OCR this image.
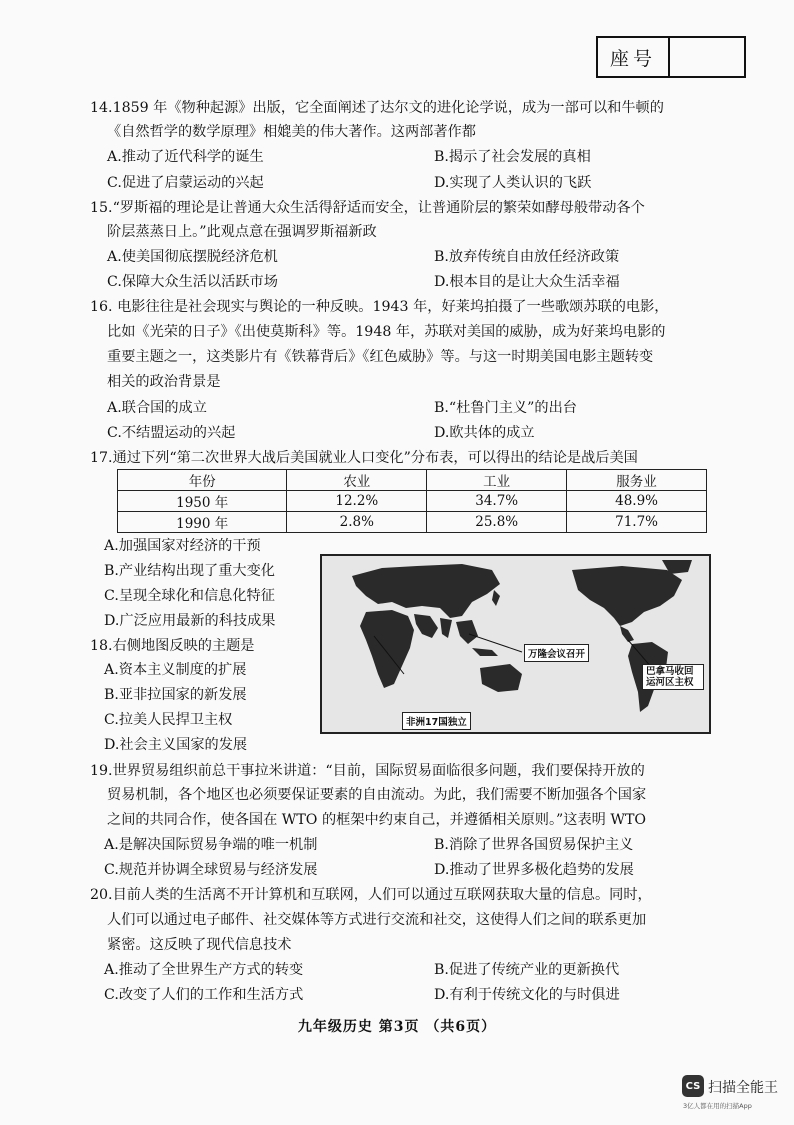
座号
14.1859 年《物种起源》出版，它全面阐述了达尔文的进化论学说，成为一部可以和牛顿的
《自然哲学的数学原理》相媲美的伟大著作。这两部著作都
A.推动了近代科学的诞生	B.揭示了社会发展的真相
C.促进了启蒙运动的兴起	D.实现了人类认识的飞跃
15.“罗斯福的理论是让普通大众生活得舒适而安全，让普通阶层的繁荣如酵母般带动各个
阶层蒸蒸日上。”此观点意在强调罗斯福新政
A.使美国彻底摆脱经济危机	B.放弃传统自由放任经济政策
C.保障大众生活以活跃市场	D.根本目的是让大众生活幸福
16. 电影往往是社会现实与舆论的一种反映。1943 年，好莱坞拍摄了一些歌颂苏联的电影，
比如《光荣的日子》《出使莫斯科》等。1948 年，苏联对美国的威胁，成为好莱坞电影的
重要主题之一，这类影片有《铁幕背后》《红色威胁》等。与这一时期美国电影主题转变
相关的政治背景是
A.联合国的成立	B.“杜鲁门主义”的出台
C.不结盟运动的兴起	D.欧共体的成立
17.通过下列“第二次世界大战后美国就业人口变化”分布表，可以得出的结论是战后美国
年份	农业	工业	服务业
1950 年	12.2%	34.7%	48.9%
1990 年	2.8%	25.8%	71.7%
A.加强国家对经济的干预
B.产业结构出现了重大变化
C.呈现全球化和信息化特征
D.广泛应用最新的科技成果
18.右侧地图反映的主题是
A.资本主义制度的扩展
B.亚非拉国家的新发展
C.拉美人民捍卫主权
D.社会主义国家的发展
万隆会议召开
巴拿马收回运河区主权
非洲17国独立
19.世界贸易组织前总干事拉米讲道：“目前，国际贸易面临很多问题，我们要保持开放的
贸易机制，各个地区也必须要保证要素的自由流动。为此，我们需要不断加强各个国家
之间的共同合作，使各国在 WTO 的框架中约束自己，并遵循相关原则。”这表明 WTO
A.是解决国际贸易争端的唯一机制	B.消除了世界各国贸易保护主义
C.规范并协调全球贸易与经济发展	D.推动了世界多极化趋势的发展
20.目前人类的生活离不开计算机和互联网，人们可以通过互联网获取大量的信息。同时，
人们可以通过电子邮件、社交媒体等方式进行交流和社交，这使得人们之间的联系更加
紧密。这反映了现代信息技术
A.推动了全世界生产方式的转变	B.促进了传统产业的更新换代
C.改变了人们的工作和生活方式	D.有利于传统文化的与时俱进
九年级历史 第3页 （共6页）
CS 扫描全能王
3亿人都在用的扫描App
